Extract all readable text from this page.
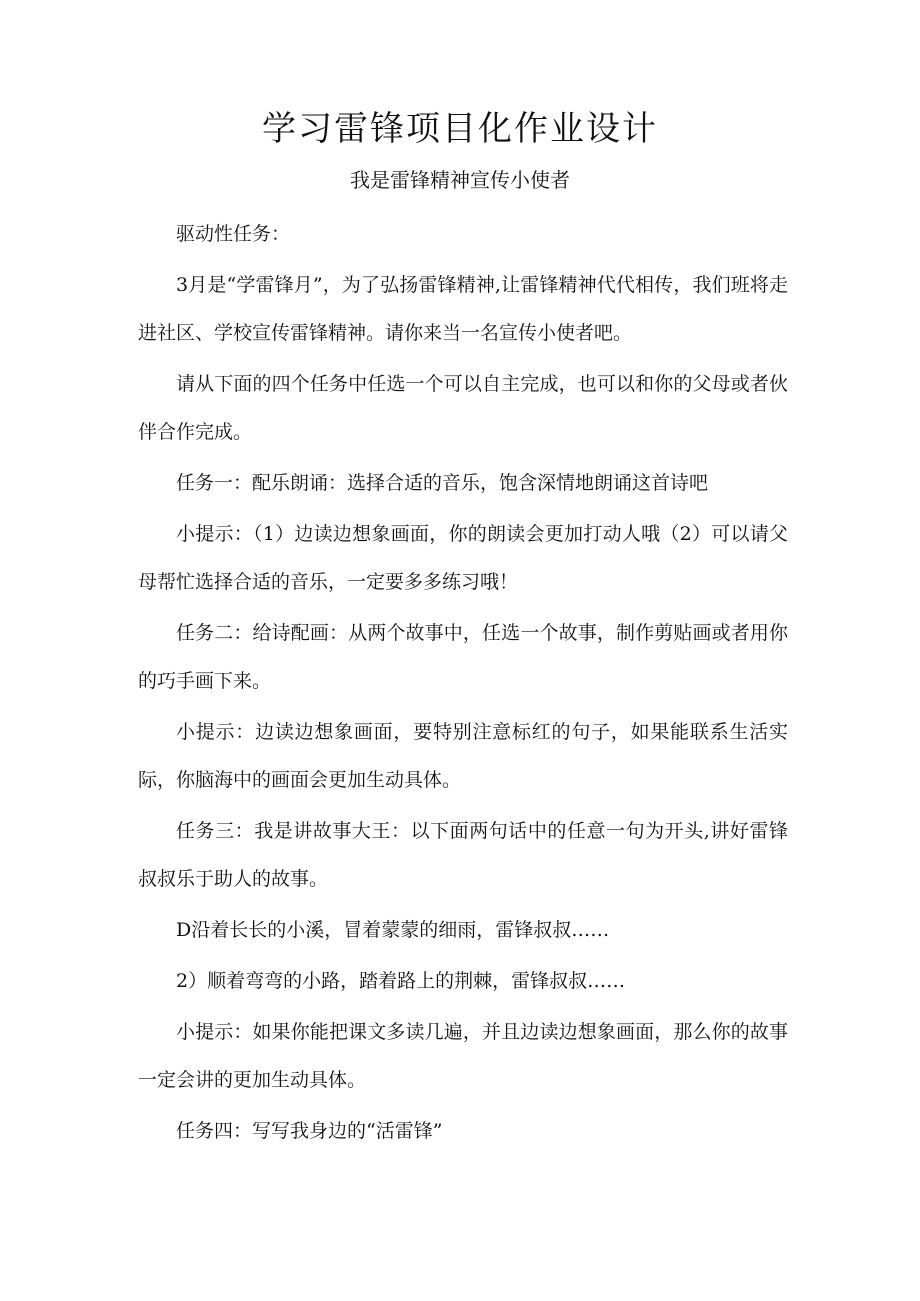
学习雷锋项目化作业设计
我是雷锋精神宣传小使者

驱动性任务：

3月是“学雷锋月”，为了弘扬雷锋精神,让雷锋精神代代相传，我们班将走进社区、学校宣传雷锋精神。请你来当一名宣传小使者吧。

请从下面的四个任务中任选一个可以自主完成，也可以和你的父母或者伙伴合作完成。

任务一：配乐朗诵：选择合适的音乐，饱含深情地朗诵这首诗吧

小提示：（1）边读边想象画面，你的朗读会更加打动人哦（2）可以请父母帮忙选择合适的音乐，一定要多多练习哦！

任务二：给诗配画：从两个故事中，任选一个故事，制作剪贴画或者用你的巧手画下来。

小提示：边读边想象画面，要特别注意标红的句子，如果能联系生活实际，你脑海中的画面会更加生动具体。

任务三：我是讲故事大王：以下面两句话中的任意一句为开头,讲好雷锋叔叔乐于助人的故事。

D沿着长长的小溪，冒着蒙蒙的细雨，雷锋叔叔……

2）顺着弯弯的小路，踏着路上的荆棘，雷锋叔叔……

小提示：如果你能把课文多读几遍，并且边读边想象画面，那么你的故事一定会讲的更加生动具体。

任务四：写写我身边的“活雷锋”
